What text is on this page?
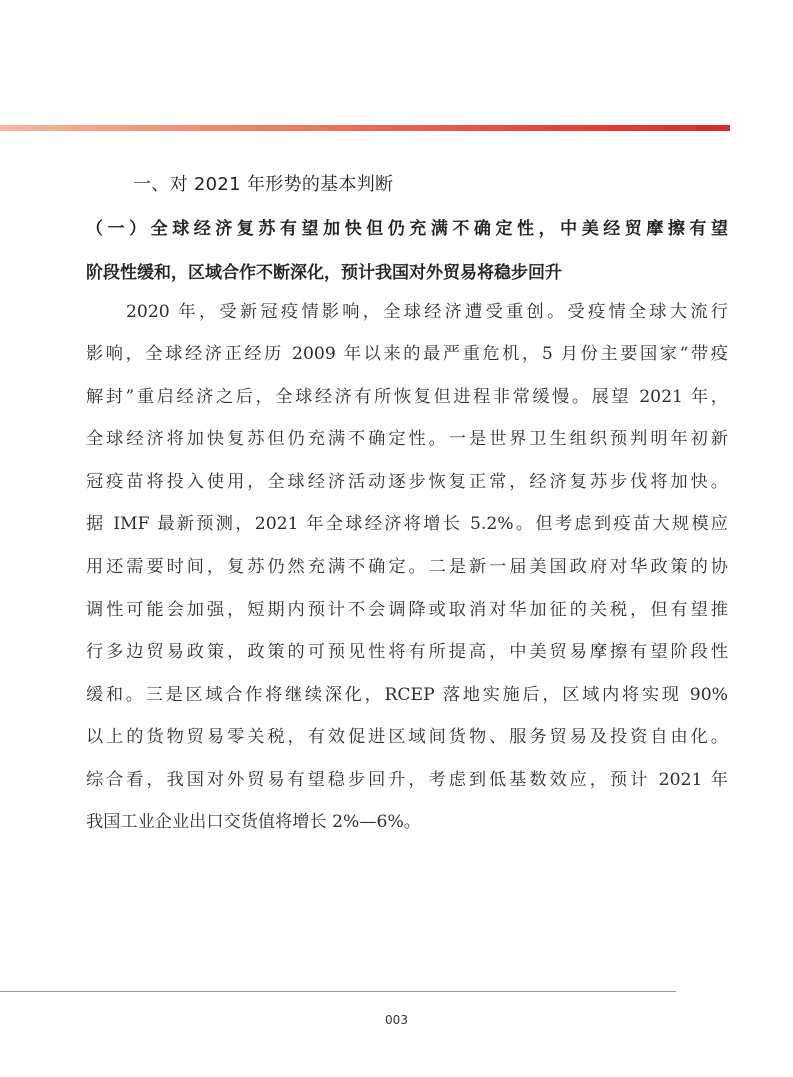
一、对 2021 年形势的基本判断

（一）全球经济复苏有望加快但仍充满不确定性，中美经贸摩擦有望

阶段性缓和，区域合作不断深化，预计我国对外贸易将稳步回升

2020 年，受新冠疫情影响，全球经济遭受重创。受疫情全球大流行

影响，全球经济正经历 2009 年以来的最严重危机，5 月份主要国家“带疫

解封”重启经济之后，全球经济有所恢复但进程非常缓慢。展望 2021 年，

全球经济将加快复苏但仍充满不确定性。一是世界卫生组织预判明年初新

冠疫苗将投入使用，全球经济活动逐步恢复正常，经济复苏步伐将加快。

据 IMF 最新预测，2021 年全球经济将增长 5.2%。但考虑到疫苗大规模应

用还需要时间，复苏仍然充满不确定。二是新一届美国政府对华政策的协

调性可能会加强，短期内预计不会调降或取消对华加征的关税，但有望推

行多边贸易政策，政策的可预见性将有所提高，中美贸易摩擦有望阶段性

缓和。三是区域合作将继续深化，RCEP 落地实施后，区域内将实现 90%

以上的货物贸易零关税，有效促进区域间货物、服务贸易及投资自由化。

综合看，我国对外贸易有望稳步回升，考虑到低基数效应，预计 2021 年

我国工业企业出口交货值将增长 2%—6%。

003
